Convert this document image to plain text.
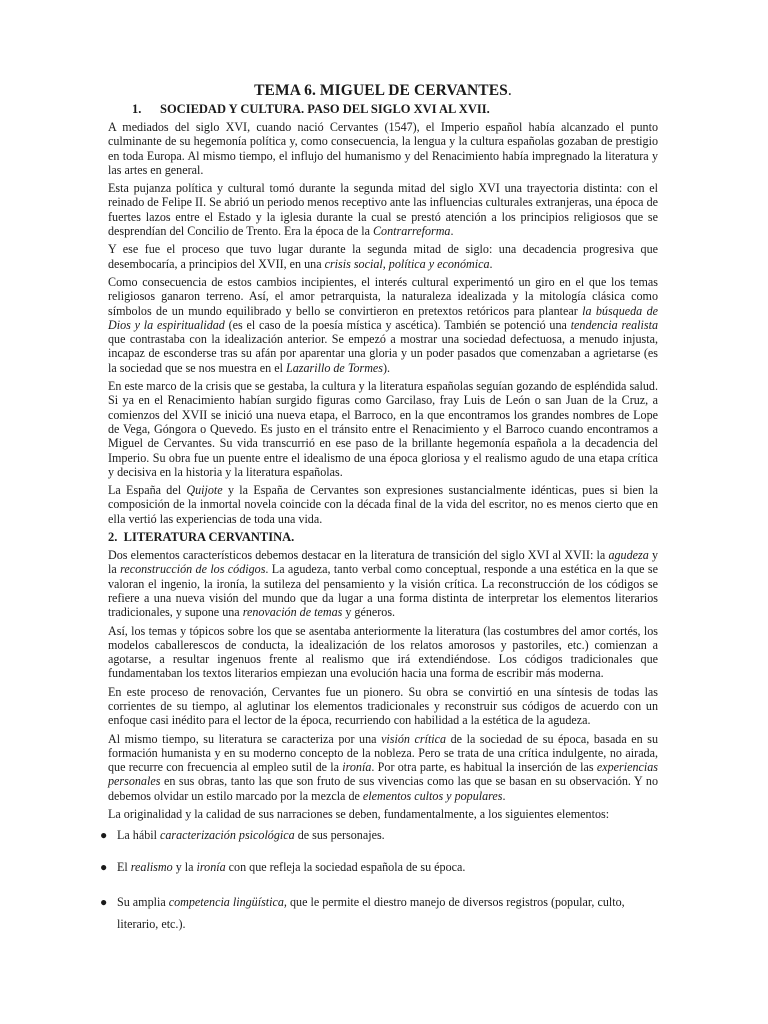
TEMA 6. MIGUEL DE CERVANTES.
1. SOCIEDAD Y CULTURA. PASO DEL SIGLO XVI AL XVII.

A mediados del siglo XVI, cuando nació Cervantes (1547), el Imperio español había alcanzado el punto culminante de su hegemonía política y, como consecuencia, la lengua y la cultura españolas gozaban de prestigio en toda Europa. Al mismo tiempo, el influjo del humanismo y del Renacimiento había impregnado la literatura y las artes en general.

Esta pujanza política y cultural tomó durante la segunda mitad del siglo XVI una trayectoria distinta: con el reinado de Felipe II. Se abrió un periodo menos receptivo ante las influencias culturales extranjeras, una época de fuertes lazos entre el Estado y la iglesia durante la cual se prestó atención a los principios religiosos que se desprendían del Concilio de Trento. Era la época de la Contrarreforma.

Y ese fue el proceso que tuvo lugar durante la segunda mitad de siglo: una decadencia progresiva que desembocaría, a principios del XVII, en una crisis social, política y económica.

Como consecuencia de estos cambios incipientes, el interés cultural experimentó un giro en el que los temas religiosos ganaron terreno. Así, el amor petrarquista, la naturaleza idealizada y la mitología clásica como símbolos de un mundo equilibrado y bello se convirtieron en pretextos retóricos para plantear la búsqueda de Dios y la espiritualidad (es el caso de la poesía mística y ascética). También se potenció una tendencia realista que contrastaba con la idealización anterior. Se empezó a mostrar una sociedad defectuosa, a menudo injusta, incapaz de esconderse tras su afán por aparentar una gloria y un poder pasados que comenzaban a agrietarse (es la sociedad que se nos muestra en el Lazarillo de Tormes).

En este marco de la crisis que se gestaba, la cultura y la literatura españolas seguían gozando de espléndida salud. Si ya en el Renacimiento habían surgido figuras como Garcilaso, fray Luis de León o san Juan de la Cruz, a comienzos del XVII se inició una nueva etapa, el Barroco, en la que encontramos los grandes nombres de Lope de Vega, Góngora o Quevedo. Es justo en el tránsito entre el Renacimiento y el Barroco cuando encontramos a Miguel de Cervantes. Su vida transcurrió en ese paso de la brillante hegemonía española a la decadencia del Imperio. Su obra fue un puente entre el idealismo de una época gloriosa y el realismo agudo de una etapa crítica y decisiva en la historia y la literatura españolas.

La España del Quijote y la España de Cervantes son expresiones sustancialmente idénticas, pues si bien la composición de la inmortal novela coincide con la década final de la vida del escritor, no es menos cierto que en ella vertió las experiencias de toda una vida.

2. LITERATURA CERVANTINA.

Dos elementos característicos debemos destacar en la literatura de transición del siglo XVI al XVII: la agudeza y la reconstrucción de los códigos. La agudeza, tanto verbal como conceptual, responde a una estética en la que se valoran el ingenio, la ironía, la sutileza del pensamiento y la visión crítica. La reconstrucción de los códigos se refiere a una nueva visión del mundo que da lugar a una forma distinta de interpretar los elementos literarios tradicionales, y supone una renovación de temas y géneros.

Así, los temas y tópicos sobre los que se asentaba anteriormente la literatura (las costumbres del amor cortés, los modelos caballerescos de conducta, la idealización de los relatos amorosos y pastoriles, etc.) comienzan a agotarse, a resultar ingenuos frente al realismo que irá extendiéndose. Los códigos tradicionales que fundamentaban los textos literarios empiezan una evolución hacia una forma de escribir más moderna.

En este proceso de renovación, Cervantes fue un pionero. Su obra se convirtió en una síntesis de todas las corrientes de su tiempo, al aglutinar los elementos tradicionales y reconstruir sus códigos de acuerdo con un enfoque casi inédito para el lector de la época, recurriendo con habilidad a la estética de la agudeza.

Al mismo tiempo, su literatura se caracteriza por una visión crítica de la sociedad de su época, basada en su formación humanista y en su moderno concepto de la nobleza. Pero se trata de una crítica indulgente, no airada, que recurre con frecuencia al empleo sutil de la ironía. Por otra parte, es habitual la inserción de las experiencias personales en sus obras, tanto las que son fruto de sus vivencias como las que se basan en su observación. Y no debemos olvidar un estilo marcado por la mezcla de elementos cultos y populares.

La originalidad y la calidad de sus narraciones se deben, fundamentalmente, a los siguientes elementos:

● La hábil caracterización psicológica de sus personajes.
● El realismo y la ironía con que refleja la sociedad española de su época.
● Su amplia competencia lingüística, que le permite el diestro manejo de diversos registros (popular, culto, literario, etc.).
